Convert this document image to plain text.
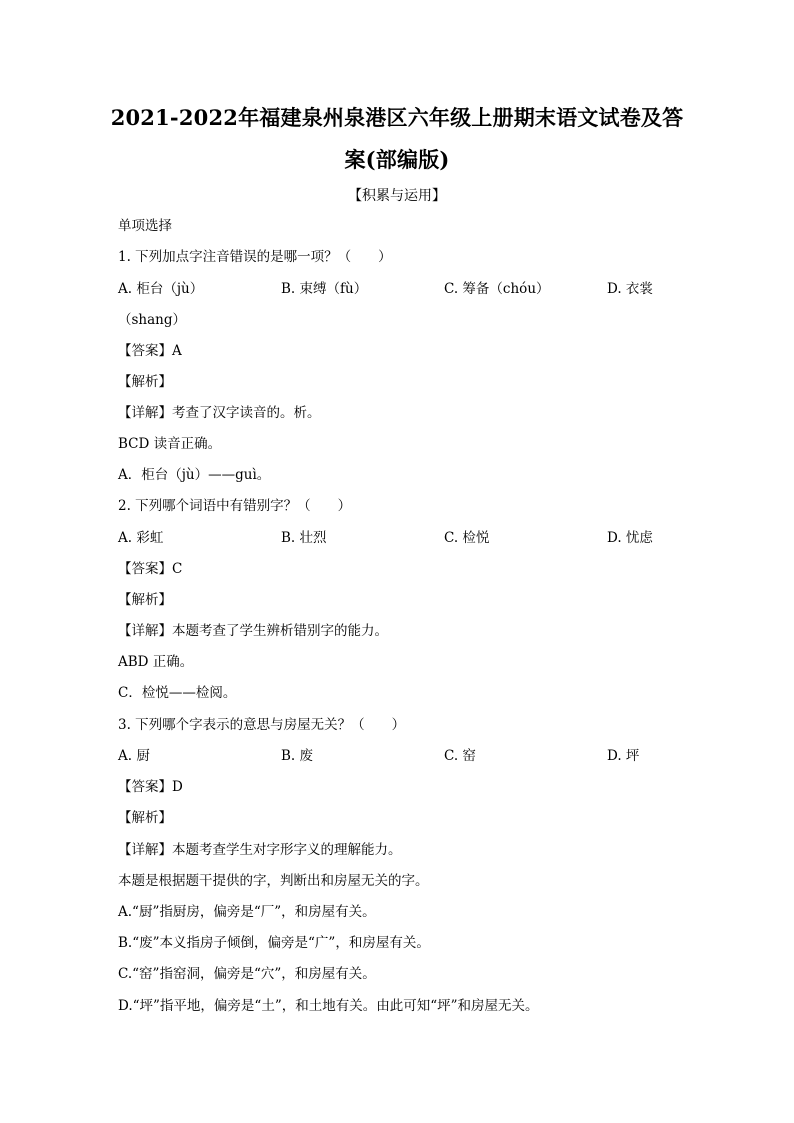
2021-2022年福建泉州泉港区六年级上册期末语文试卷及答
案(部编版)
【积累与运用】
单项选择
1. 下列加点字注音错误的是哪一项？（　　）
A. 柜台（jù）	B. 束缚（fù）	C. 筹备（chóu）	D. 衣裳
（shang）
【答案】A
【解析】
【详解】考查了汉字读音的。析。
BCD 读音正确。
A．柜台（jù）——guì。
2. 下列哪个词语中有错别字？（　　）
A. 彩虹	B. 壮烈	C. 检悦	D. 忧虑
【答案】C
【解析】
【详解】本题考查了学生辨析错别字的能力。
ABD 正确。
C．检悦——检阅。
3. 下列哪个字表示的意思与房屋无关？（　　）
A. 厨	B. 废	C. 窑	D. 坪
【答案】D
【解析】
【详解】本题考查学生对字形字义的理解能力。
本题是根据题干提供的字，判断出和房屋无关的字。
A.“厨”指厨房，偏旁是“厂”，和房屋有关。
B.“废”本义指房子倾倒，偏旁是“广”，和房屋有关。
C.“窑”指窑洞，偏旁是“穴”，和房屋有关。
D.“坪”指平地，偏旁是“土”，和土地有关。由此可知“坪”和房屋无关。
